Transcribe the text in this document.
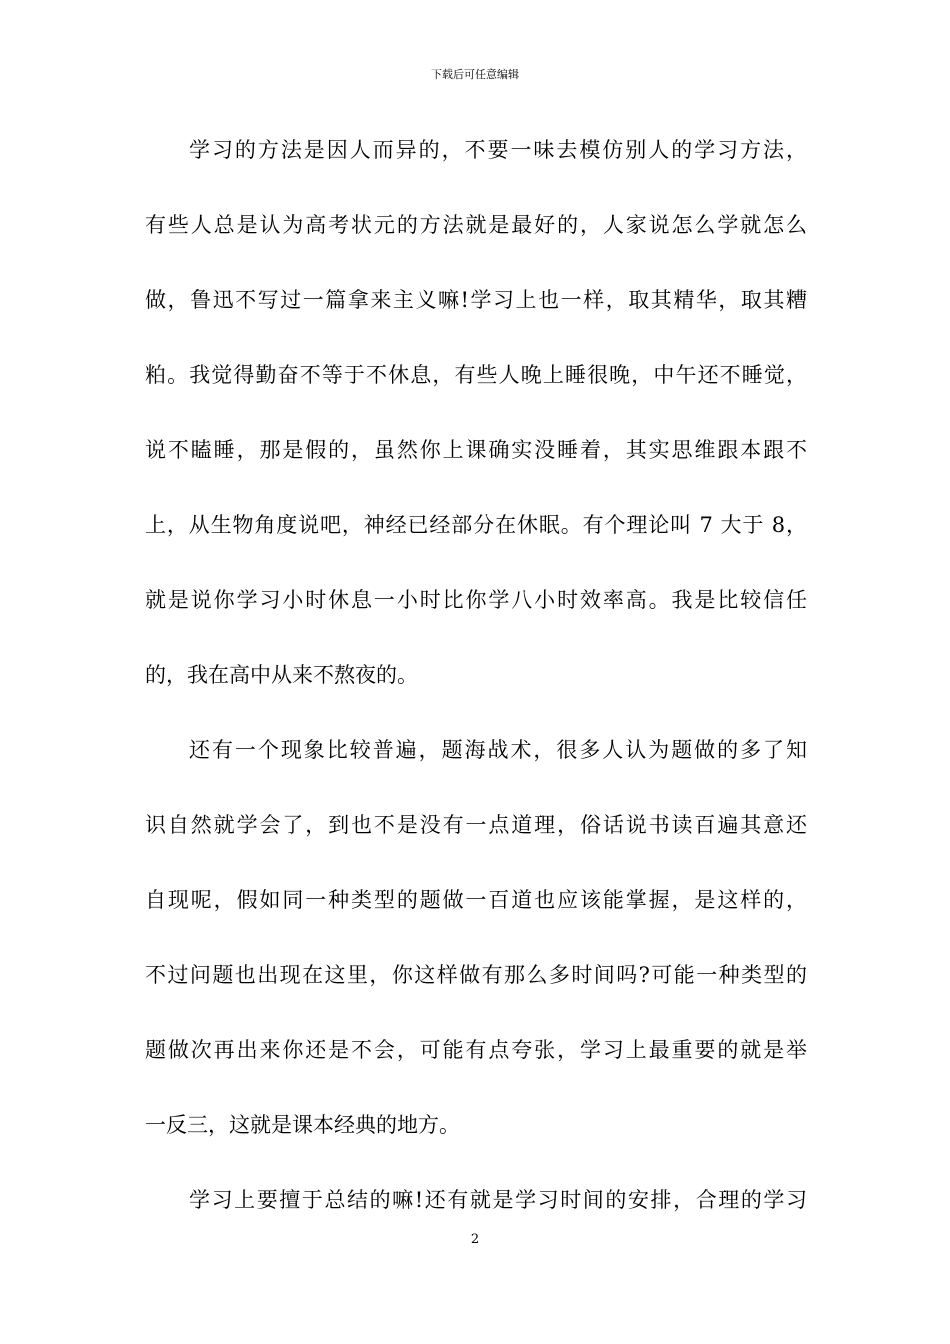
下载后可任意编辑
学习的方法是因人而异的，不要一味去模仿别人的学习方法，
有些人总是认为高考状元的方法就是最好的，人家说怎么学就怎么
做，鲁迅不写过一篇拿来主义嘛!学习上也一样，取其精华，取其糟
粕。我觉得勤奋不等于不休息，有些人晚上睡很晚，中午还不睡觉，
说不瞌睡，那是假的，虽然你上课确实没睡着，其实思维跟本跟不
上，从生物角度说吧，神经已经部分在休眠。有个理论叫 7 大于 8，
就是说你学习小时休息一小时比你学八小时效率高。我是比较信任
的，我在高中从来不熬夜的。
还有一个现象比较普遍，题海战术，很多人认为题做的多了知
识自然就学会了，到也不是没有一点道理，俗话说书读百遍其意还
自现呢，假如同一种类型的题做一百道也应该能掌握，是这样的，
不过问题也出现在这里，你这样做有那么多时间吗?可能一种类型的
题做次再出来你还是不会，可能有点夸张，学习上最重要的就是举
一反三，这就是课本经典的地方。
学习上要擅于总结的嘛!还有就是学习时间的安排，合理的学习
2
